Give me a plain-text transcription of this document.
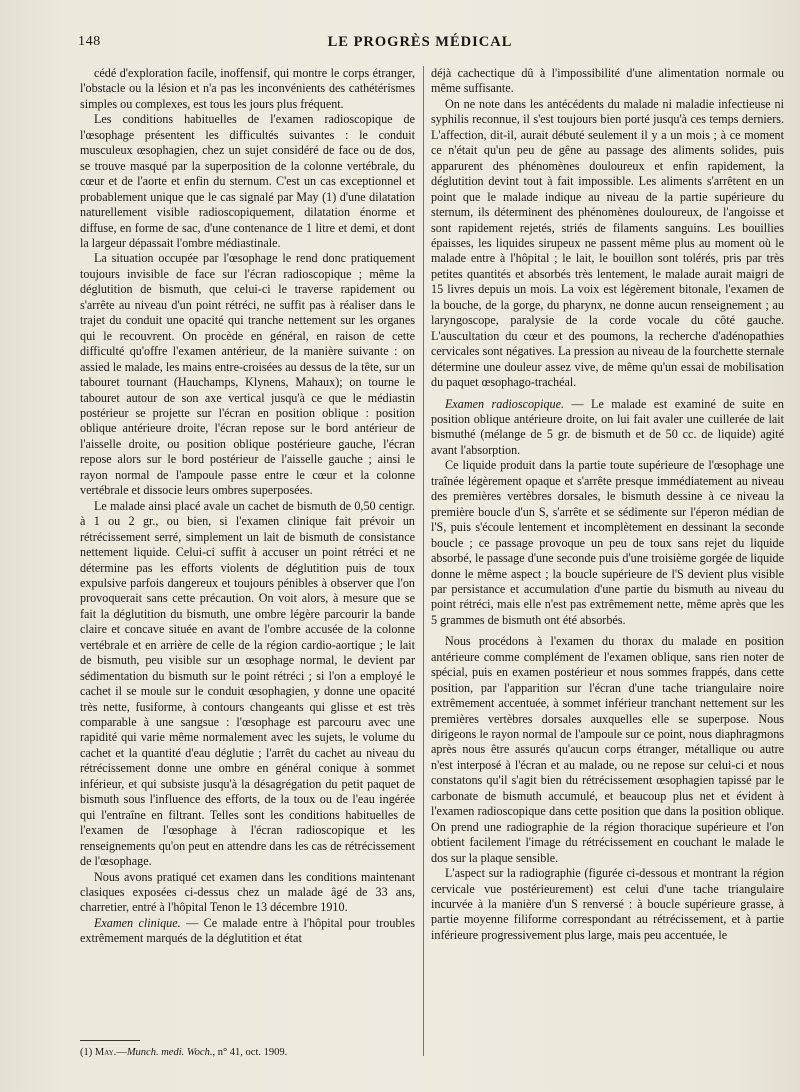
148	LE PROGRÈS MÉDICAL

cédé d'exploration facile, inoffensif, qui montre le corps étranger, l'obstacle ou la lésion et n'a pas les inconvénients des cathétérismes simples ou complexes, est tous les jours plus fréquent.

Les conditions habituelles de l'examen radioscopique de l'œsophage présentent les difficultés suivantes : le conduit musculeux œsophagien, chez un sujet considéré de face ou de dos, se trouve masqué par la superposition de la colonne vertébrale, du cœur et de l'aorte et enfin du sternum. C'est un cas exceptionnel et probablement unique que le cas signalé par May (1) d'une dilatation naturellement visible radioscopiquement, dilatation énorme et diffuse, en forme de sac, d'une contenance de 1 litre et demi, et dont la largeur dépassait l'ombre médiastinale.

La situation occupée par l'œsophage le rend donc pratiquement toujours invisible de face sur l'écran radioscopique ; même la déglutition de bismuth, que celui-ci le traverse rapidement ou s'arrête au niveau d'un point rétréci, ne suffit pas à réaliser dans le trajet du conduit une opacité qui tranche nettement sur les organes qui le recouvrent. On procède en général, en raison de cette difficulté qu'offre l'examen antérieur, de la manière suivante : on assied le malade, les mains entre-croisées au dessus de la tête, sur un tabouret tournant (Hauchamps, Klynens, Mahaux); on tourne le tabouret autour de son axe vertical jusqu'à ce que le médiastin postérieur se projette sur l'écran en position oblique : position oblique antérieure droite, l'écran repose sur le bord antérieur de l'aisselle droite, ou position oblique postérieure gauche, l'écran repose alors sur le bord postérieur de l'aisselle gauche ; ainsi le rayon normal de l'ampoule passe entre le cœur et la colonne vertébrale et dissocie leurs ombres superposées.

Le malade ainsi placé avale un cachet de bismuth de 0,50 centigr. à 1 ou 2 gr., ou bien, si l'examen clinique fait prévoir un rétrécissement serré, simplement un lait de bismuth de consistance nettement liquide. Celui-ci suffit à accuser un point rétréci et ne détermine pas les efforts violents de déglutition puis de toux expulsive parfois dangereux et toujours pénibles à observer que l'on provoquerait sans cette précaution. On voit alors, à mesure que se fait la déglutition du bismuth, une ombre légère parcourir la bande claire et concave située en avant de l'ombre accusée de la colonne vertébrale et en arrière de celle de la région cardio-aortique ; le lait de bismuth, peu visible sur un œsophage normal, le devient par sédimentation du bismuth sur le point rétréci ; si l'on a employé le cachet il se moule sur le conduit œsophagien, y donne une opacité très nette, fusiforme, à contours changeants qui glisse et est très comparable à une sangsue : l'œsophage est parcouru avec une rapidité qui varie même normalement avec les sujets, le volume du cachet et la quantité d'eau déglutie ; l'arrêt du cachet au niveau du rétrécissement donne une ombre en général conique à sommet inférieur, et qui subsiste jusqu'à la désagrégation du petit paquet de bismuth sous l'influence des efforts, de la toux ou de l'eau ingérée qui l'entraîne en filtrant. Telles sont les conditions habituelles de l'examen de l'œsophage à l'écran radioscopique et les renseignements qu'on peut en attendre dans les cas de rétrécissement de l'œsophage.

Nous avons pratiqué cet examen dans les conditions maintenant clasiques exposées ci-dessus chez un malade âgé de 33 ans, charretier, entré à l'hôpital Tenon le 13 décembre 1910.

Examen clinique. — Ce malade entre à l'hôpital pour troubles extrêmement marqués de la déglutition et état

déjà cachectique dû à l'impossibilité d'une alimentation normale ou même suffisante.

On ne note dans les antécédents du malade ni maladie infectieuse ni syphilis reconnue, il s'est toujours bien porté jusqu'à ces temps derniers. L'affection, dit-il, aurait débuté seulement il y a un mois ; à ce moment ce n'était qu'un peu de gêne au passage des aliments solides, puis apparurent des phénomènes douloureux et enfin rapidement, la déglutition devint tout à fait impossible. Les aliments s'arrêtent en un point que le malade indique au niveau de la partie supérieure du sternum, ils déterminent des phénomènes douloureux, de l'angoisse et sont rapidement rejetés, striés de filaments sanguins. Les bouillies épaisses, les liquides sirupeux ne passent même plus au moment où le malade entre à l'hôpital ; le lait, le bouillon sont tolérés, pris par très petites quantités et absorbés très lentement, le malade aurait maigri de 15 livres depuis un mois. La voix est légèrement bitonale, l'examen de la bouche, de la gorge, du pharynx, ne donne aucun renseignement ; au laryngoscope, paralysie de la corde vocale du côté gauche. L'auscultation du cœur et des poumons, la recherche d'adénopathies cervicales sont négatives. La pression au niveau de la fourchette sternale détermine une douleur assez vive, de même qu'un essai de mobilisation du paquet œsophago-trachéal.

Examen radioscopique. — Le malade est examiné de suite en position oblique antérieure droite, on lui fait avaler une cuillerée de lait bismuthé (mélange de 5 gr. de bismuth et de 50 cc. de liquide) agité avant l'absorption.

Ce liquide produit dans la partie toute supérieure de l'œsophage une traînée légèrement opaque et s'arrête presque immédiatement au niveau des premières vertèbres dorsales, le bismuth dessine à ce niveau la première boucle d'un S, s'arrête et se sédimente sur l'éperon médian de l'S, puis s'écoule lentement et incomplètement en dessinant la seconde boucle ; ce passage provoque un peu de toux sans rejet du liquide absorbé, le passage d'une seconde puis d'une troisième gorgée de liquide donne le même aspect ; la boucle supérieure de l'S devient plus visible par persistance et accumulation d'une partie du bismuth au niveau du point rétréci, mais elle n'est pas extrêmement nette, même après que les 5 grammes de bismuth ont été absorbés.

Nous procédons à l'examen du thorax du malade en position antérieure comme complément de l'examen oblique, sans rien noter de spécial, puis en examen postérieur et nous sommes frappés, dans cette position, par l'apparition sur l'écran d'une tache triangulaire noire extrêmement accentuée, à sommet inférieur tranchant nettement sur les premières vertèbres dorsales auxquelles elle se superpose. Nous dirigeons le rayon normal de l'ampoule sur ce point, nous diaphragmons après nous être assurés qu'aucun corps étranger, métallique ou autre n'est interposé à l'écran et au malade, ou ne repose sur celui-ci et nous constatons qu'il s'agit bien du rétrécissement œsophagien tapissé par le carbonate de bismuth accumulé, et beaucoup plus net et évident à l'examen radioscopique dans cette position que dans la position oblique. On prend une radiographie de la région thoracique supérieure et l'on obtient facilement l'image du rétrécissement en couchant le malade le dos sur la plaque sensible.

L'aspect sur la radiographie (figurée ci-dessous et montrant la région cervicale vue postérieurement) est celui d'une tache triangulaire incurvée à la manière d'un S renversé : à boucle supérieure grasse, à partie moyenne filiforme correspondant au rétrécissement, et à partie inférieure progressivement plus large, mais peu accentuée, le

(1) May.—Munch. medi. Woch., n° 41, oct. 1909.
